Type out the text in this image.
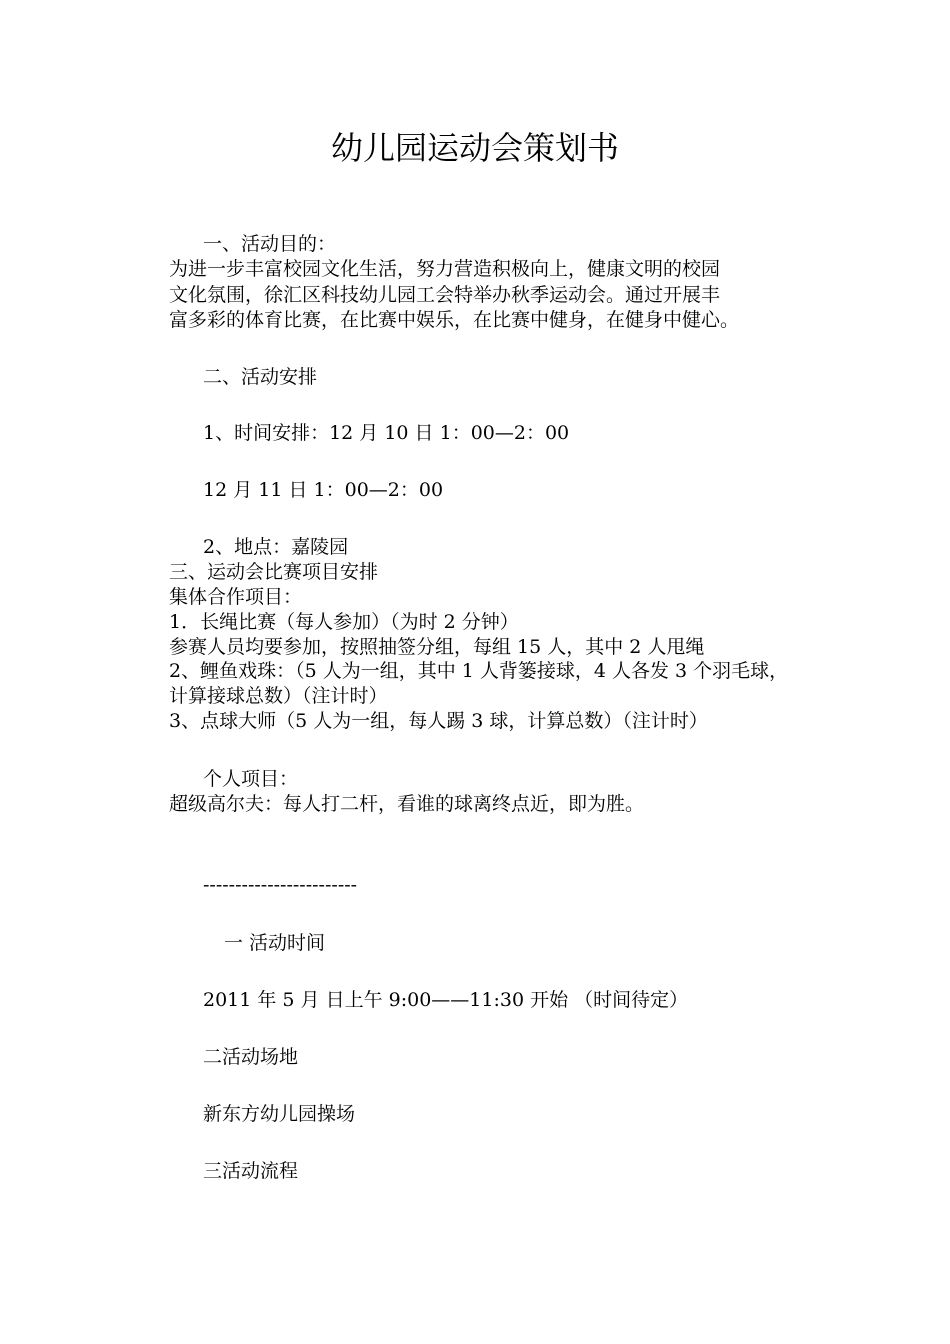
幼儿园运动会策划书
一、活动目的：
为进一步丰富校园文化生活，努力营造积极向上，健康文明的校园
文化氛围，徐汇区科技幼儿园工会特举办秋季运动会。通过开展丰
富多彩的体育比赛，在比赛中娱乐，在比赛中健身，在健身中健心。
二、活动安排
1、时间安排：12 月 10 日 1：00—2：00
12 月 11 日 1：00—2：00
2、地点：嘉陵园
三、运动会比赛项目安排
集体合作项目：
1．长绳比赛（每人参加）（为时 2 分钟）
参赛人员均要参加，按照抽签分组，每组 15 人，其中 2 人甩绳
2、鲤鱼戏珠：（5 人为一组，其中 1 人背篓接球，4 人各发 3 个羽毛球，
计算接球总数）（注计时）
3、点球大师（5 人为一组，每人踢 3 球，计算总数）（注计时）
个人项目：
超级高尔夫：每人打二杆，看谁的球离终点近，即为胜。
------------------------
一 活动时间
2011 年 5 月 日上午 9:00——11:30 开始 （时间待定）
二活动场地
新东方幼儿园操场
三活动流程
